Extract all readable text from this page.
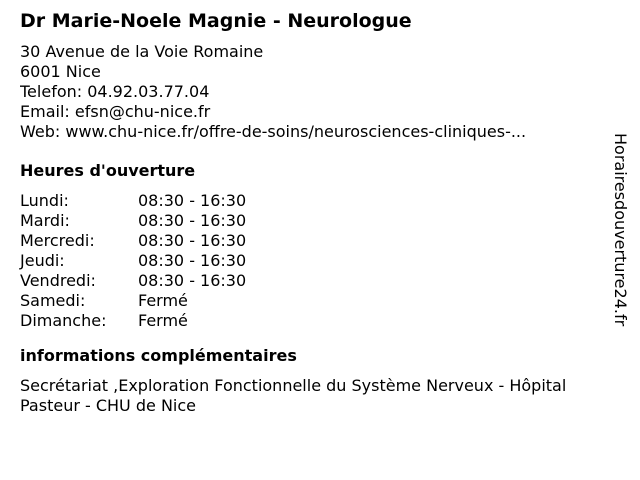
Dr Marie-Noele Magnie - Neurologue
30 Avenue de la Voie Romaine
6001 Nice
Telefon: 04.92.03.77.04
Email: efsn@chu-nice.fr
Web: www.chu-nice.fr/offre-de-soins/neurosciences-cliniques-...
Heures d'ouverture
Lundi:	08:30 - 16:30
Mardi:	08:30 - 16:30
Mercredi:	08:30 - 16:30
Jeudi:	08:30 - 16:30
Vendredi:	08:30 - 16:30
Samedi:	Fermé
Dimanche:	Fermé
informations complémentaires
Secrétariat ,Exploration Fonctionnelle du Système Nerveux - Hôpital Pasteur - CHU de Nice
Horairesdouverture24.fr
